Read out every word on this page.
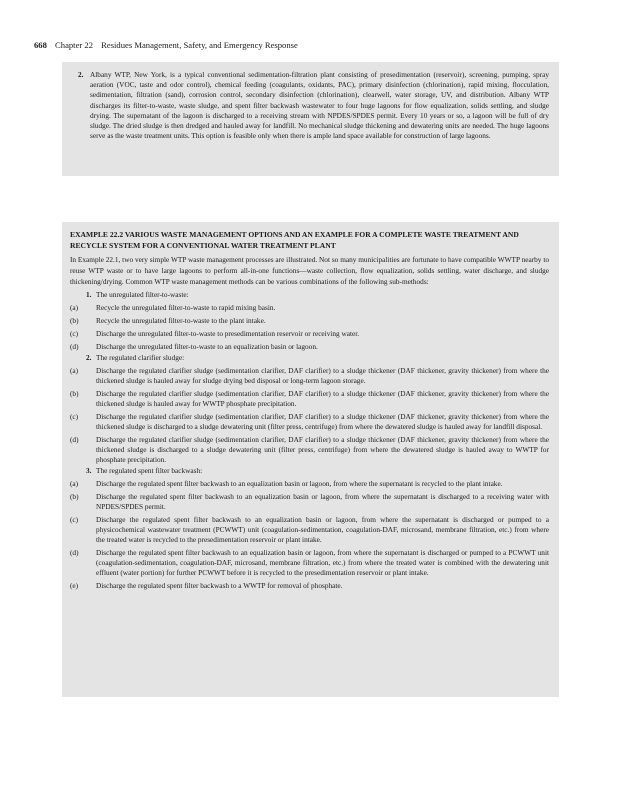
668 Chapter 22 Residues Management, Safety, and Emergency Response
2. Albany WTP, New York, is a typical conventional sedimentation-filtration plant consisting of presedimentation (reservoir), screening, pumping, spray aeration (VOC, taste and odor control), chemical feeding (coagulants, oxidants, PAC), primary disinfection (chlorination), rapid mixing, flocculation, sedimentation, filtration (sand), corrosion control, secondary disinfection (chlorination), clearwell, water storage, UV, and distribution. Albany WTP discharges its filter-to-waste, waste sludge, and spent filter backwash wastewater to four huge lagoons for flow equalization, solids settling, and sludge drying. The supernatant of the lagoon is discharged to a receiving stream with NPDES/SPDES permit. Every 10 years or so, a lagoon will be full of dry sludge. The dried sludge is then dredged and hauled away for landfill. No mechanical sludge thickening and dewatering units are needed. The huge lagoons serve as the waste treatment units. This option is feasible only when there is ample land space available for construction of large lagoons.
EXAMPLE 22.2 VARIOUS WASTE MANAGEMENT OPTIONS AND AN EXAMPLE FOR A COMPLETE WASTE TREATMENT AND RECYCLE SYSTEM FOR A CONVENTIONAL WATER TREATMENT PLANT
In Example 22.1, two very simple WTP waste management processes are illustrated. Not so many municipalities are fortunate to have compatible WWTP nearby to reuse WTP waste or to have large lagoons to perform all-in-one functions—waste collection, flow equalization, solids settling, water discharge, and sludge thickening/drying. Common WTP waste management methods can be various combinations of the following sub-methods:
1. The unregulated filter-to-waste:
(a) Recycle the unregulated filter-to-waste to rapid mixing basin.
(b) Recycle the unregulated filter-to-waste to the plant intake.
(c) Discharge the unregulated filter-to-waste to presedimentation reservoir or receiving water.
(d) Discharge the unregulated filter-to-waste to an equalization basin or lagoon.
2. The regulated clarifier sludge:
(a) Discharge the regulated clarifier sludge (sedimentation clarifier, DAF clarifier) to a sludge thickener (DAF thickener, gravity thickener) from where the thickened sludge is hauled away for sludge drying bed disposal or long-term lagoon storage.
(b) Discharge the regulated clarifier sludge (sedimentation clarifier, DAF clarifier) to a sludge thickener (DAF thickener, gravity thickener) from where the thickened sludge is hauled away for WWTP phosphate precipitation.
(c) Discharge the regulated clarifier sludge (sedimentation clarifier, DAF clarifier) to a sludge thickener (DAF thickener, gravity thickener) from where the thickened sludge is discharged to a sludge dewatering unit (filter press, centrifuge) from where the dewatered sludge is hauled away for landfill disposal.
(d) Discharge the regulated clarifier sludge (sedimentation clarifier, DAF clarifier) to a sludge thickener (DAF thickener, gravity thickener) from where the thickened sludge is discharged to a sludge dewatering unit (filter press, centrifuge) from where the dewatered sludge is hauled away to WWTP for phosphate precipitation.
3. The regulated spent filter backwash:
(a) Discharge the regulated spent filter backwash to an equalization basin or lagoon, from where the supernatant is recycled to the plant intake.
(b) Discharge the regulated spent filter backwash to an equalization basin or lagoon, from where the supernatant is discharged to a receiving water with NPDES/SPDES permit.
(c) Discharge the regulated spent filter backwash to an equalization basin or lagoon, from where the supernatant is discharged or pumped to a physicochemical wastewater treatment (PCWWT) unit (coagulation-sedimentation, coagulation-DAF, microsand, membrane filtration, etc.) from where the treated water is recycled to the presedimentation reservoir or plant intake.
(d) Discharge the regulated spent filter backwash to an equalization basin or lagoon, from where the supernatant is discharged or pumped to a PCWWT unit (coagulation-sedimentation, coagulation-DAF, microsand, membrane filtration, etc.) from where the treated water is combined with the dewatering unit effluent (water portion) for further PCWWT before it is recycled to the presedimentation reservoir or plant intake.
(e) Discharge the regulated spent filter backwash to a WWTP for removal of phosphate.
